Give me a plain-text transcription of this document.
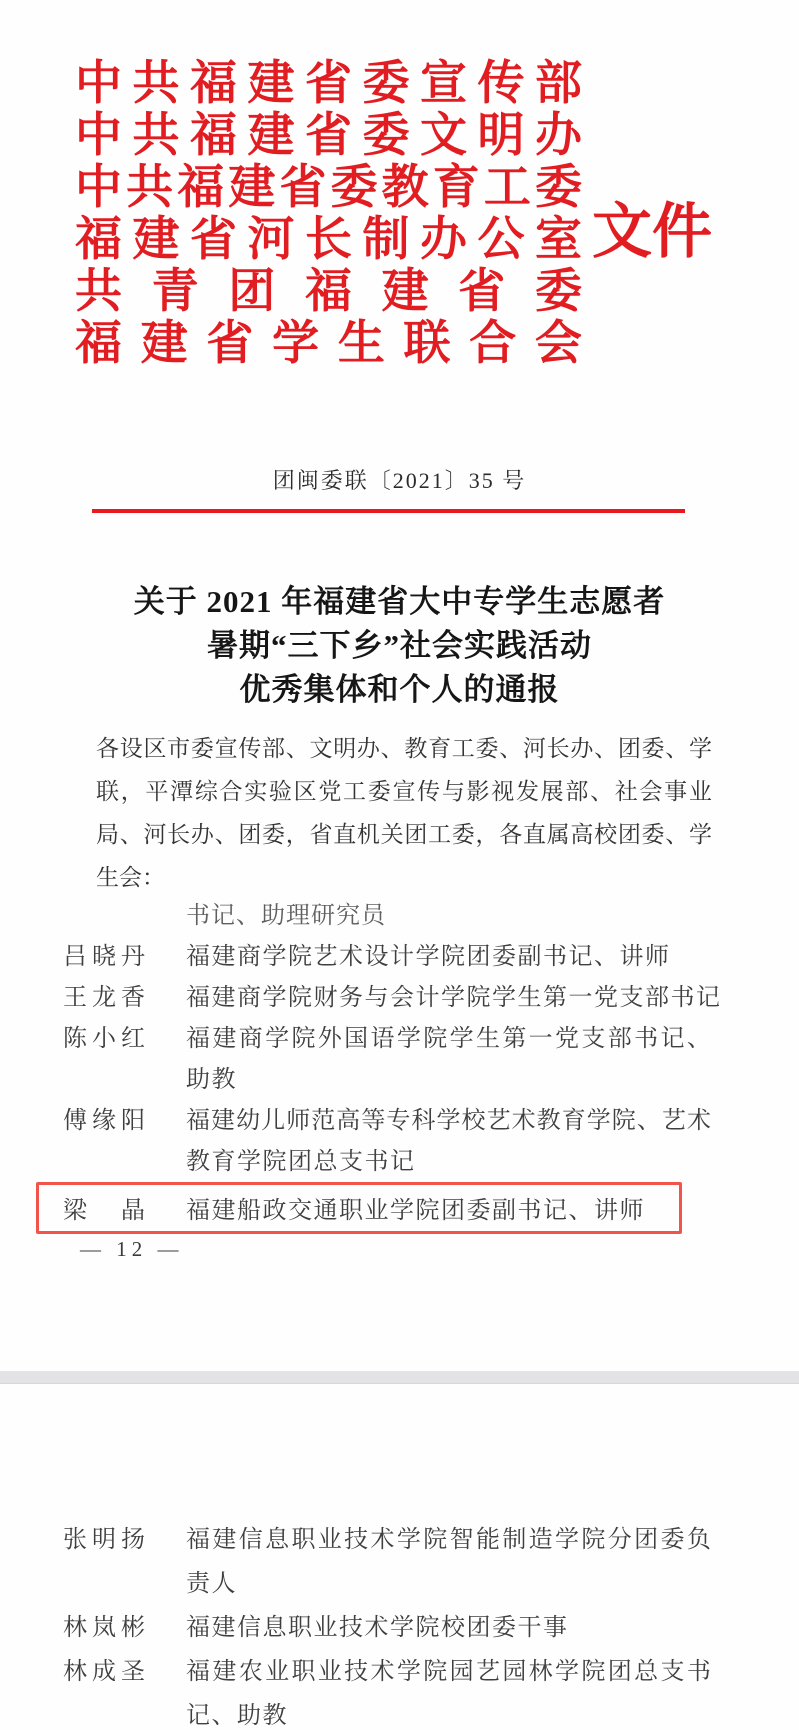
中 共 福 建 省 委 宣 传 部
中 共 福 建 省 委 文 明 办
中 共 福 建 省 委 教 育 工 委
福 建 省 河 长 制 办 公 室
共 青 团 福 建 省 委
福 建 省 学 生 联 合 会
文件
团闽委联〔2021〕35 号
关于 2021 年福建省大中专学生志愿者
暑期“三下乡”社会实践活动
优秀集体和个人的通报
各 设 区 市 委 宣 传 部 、 文 明 办 、 教 育 工 委 、 河 长 办 、 团 委 、 学
联 ， 平 潭 综 合 实 验 区 党 工 委 宣 传 与 影 视 发 展 部 、 社 会 事 业
局 、 河 长 办 、 团 委 ， 省 直 机 关 团 工 委 ， 各 直 属 高 校 团 委 、 学
生会：
书记、助理研究员
吕 晓 丹 福建商学院艺术设计学院团委副书记、讲师
王 龙 香 福建商学院财务与会计学院学生第一党支部书记
陈 小 红 福 建 商 学 院 外 国 语 学 院 学 生 第 一 党 支 部 书 记 、
助教
傅 缘 阳 福 建 幼 儿 师 范 高 等 专 科 学 校 艺 术 教 育 学 院 、 艺 术
教育学院团总支书记
梁 晶 福建船政交通职业学院团委副书记、讲师
— 12 —
张 明 扬 福 建 信 息 职 业 技 术 学 院 智 能 制 造 学 院 分 团 委 负
责人
林 岚 彬 福建信息职业技术学院校团委干事
林 成 圣 福 建 农 业 职 业 技 术 学 院 园 艺 园 林 学 院 团 总 支 书
记、助教
